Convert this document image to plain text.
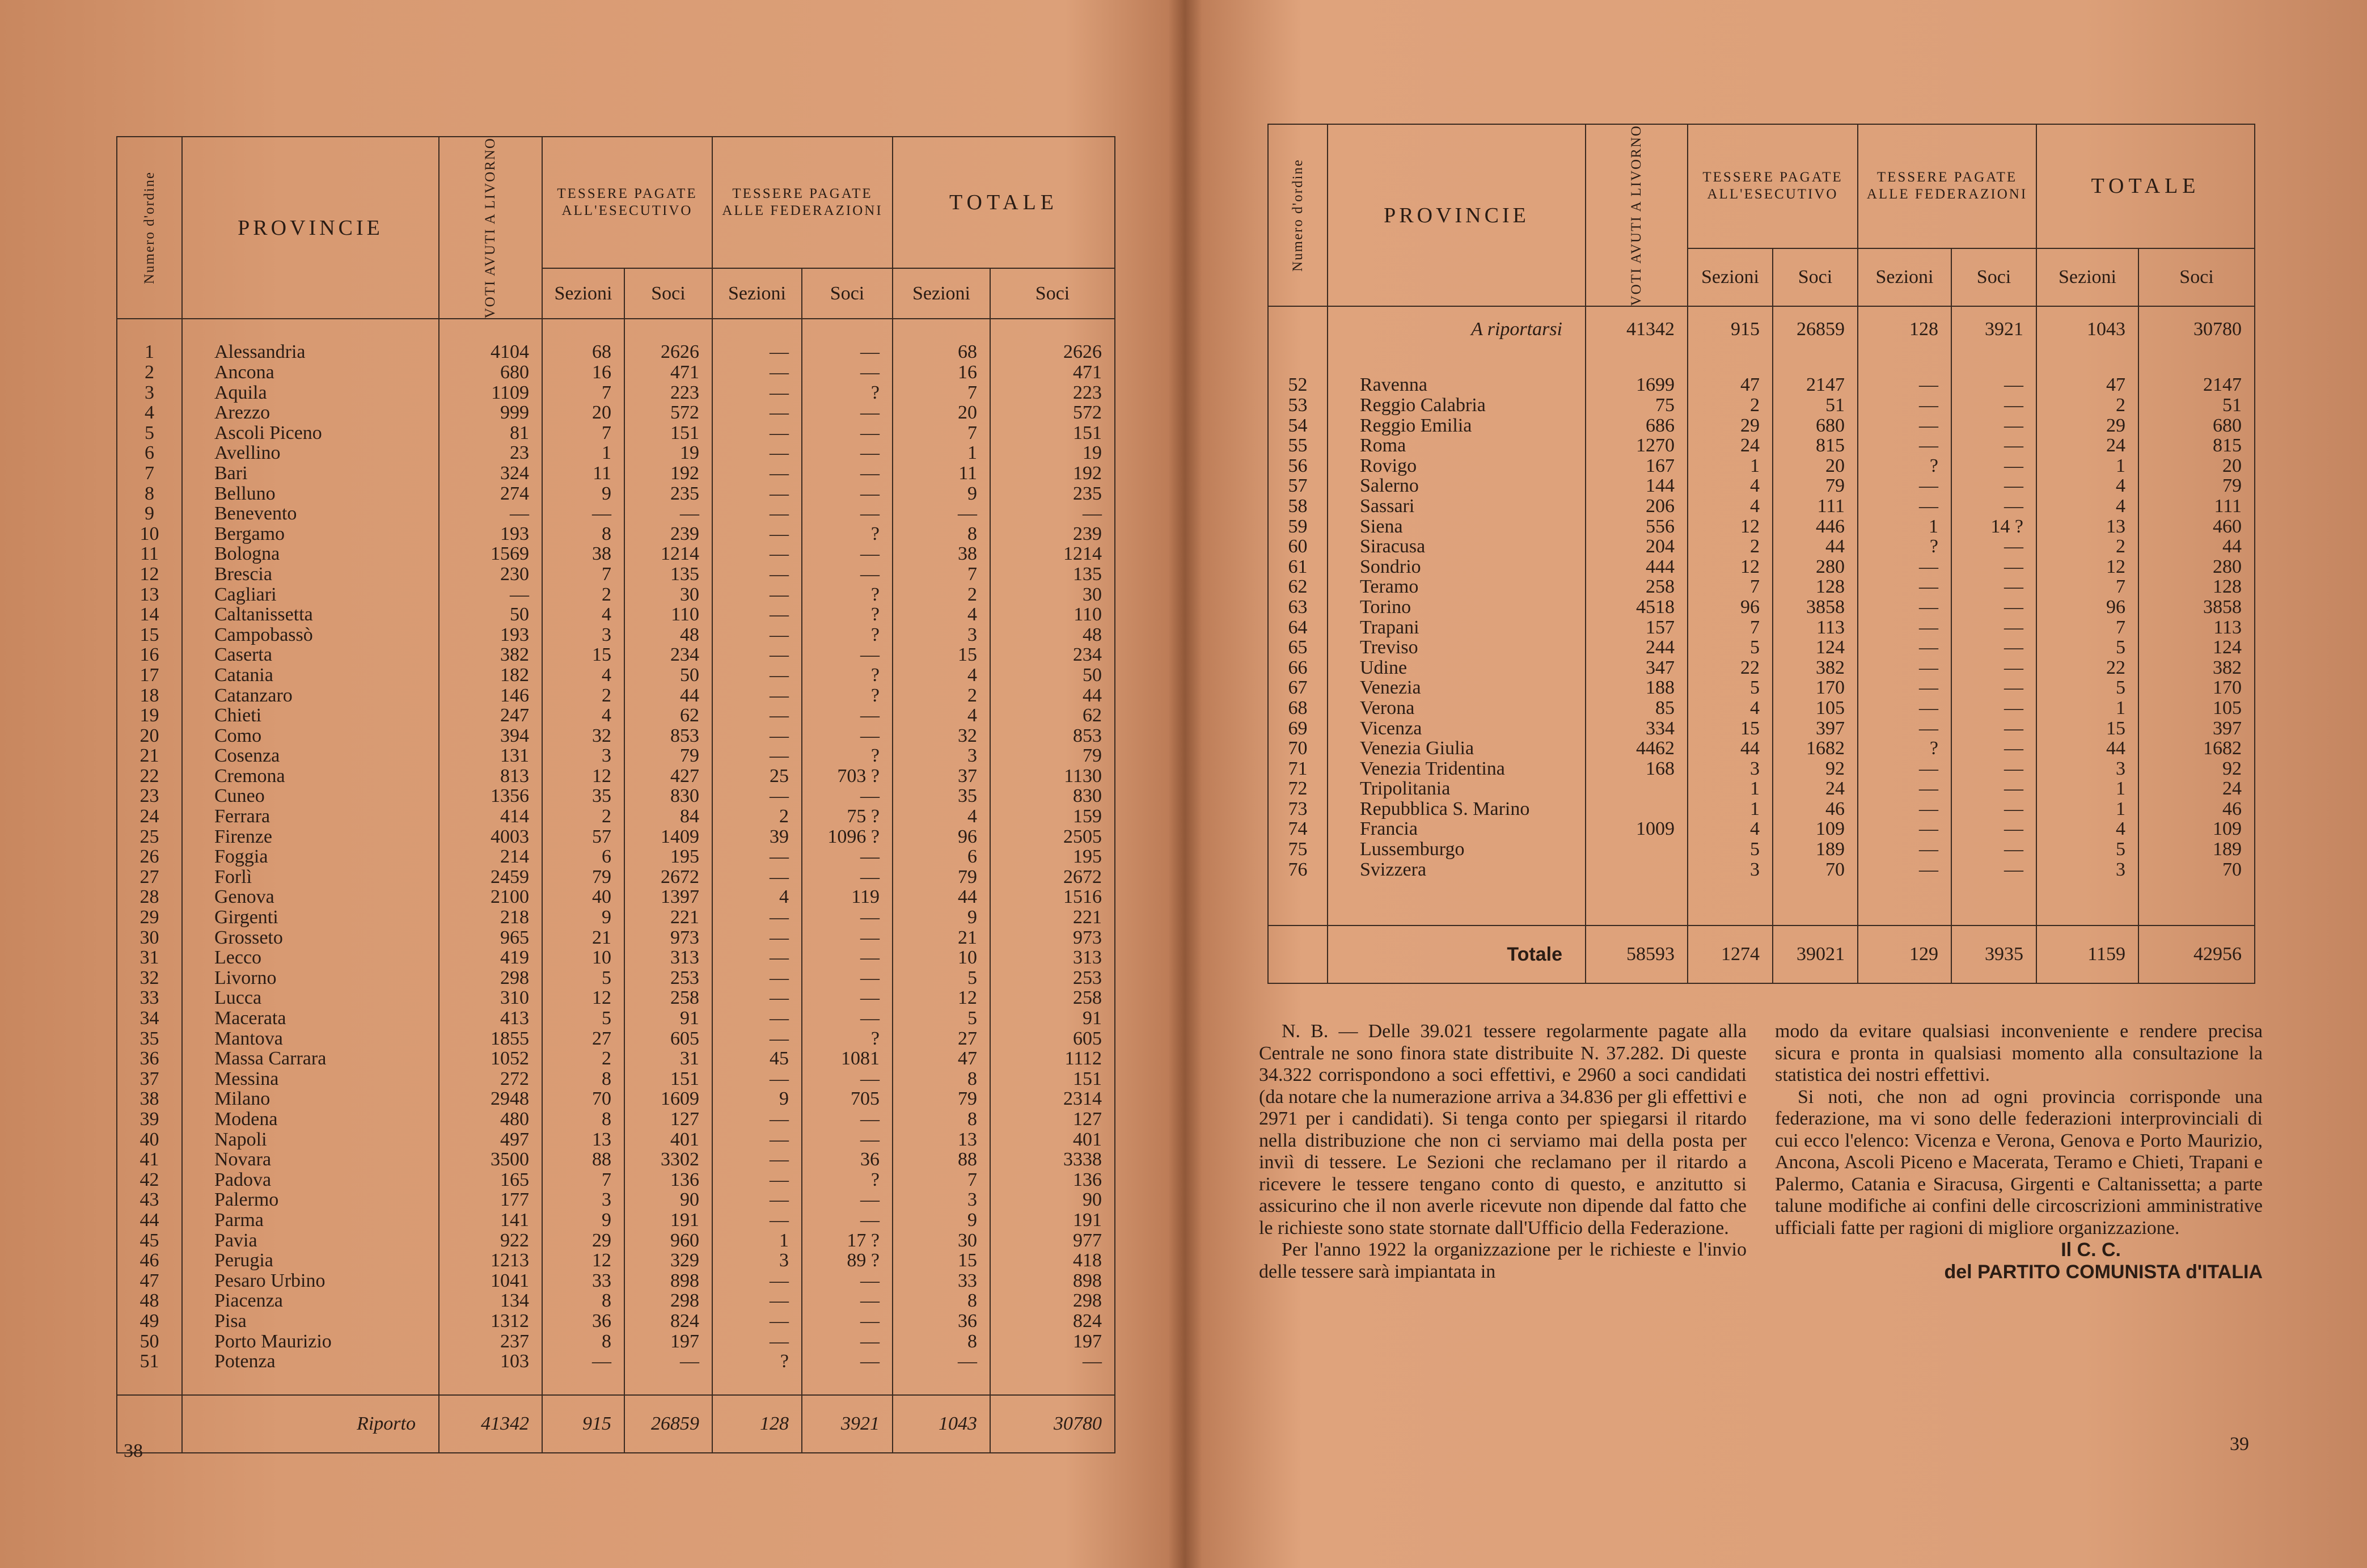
Numero d'ordine	PROVINCIE	VOTI AVUTI A LIVORNO	TESSERE PAGATE ALL'ESECUTIVO		TESSERE PAGATE ALLE FEDERAZIONI		TOTALE	
			Sezioni	Soci	Sezioni	Soci	Sezioni	Soci

1	Alessandria	4104	68	2626	—	—	68	2626
2	Ancona	680	16	471	—	—	16	471
3	Aquila	1109	7	223	—	?	7	223
4	Arezzo	999	20	572	—	—	20	572
5	Ascoli Piceno	81	7	151	—	—	7	151
6	Avellino	23	1	19	—	—	1	19
7	Bari	324	11	192	—	—	11	192
8	Belluno	274	9	235	—	—	9	235
9	Benevento	—	—	—	—	—	—	—
10	Bergamo	193	8	239	—	?	8	239
11	Bologna	1569	38	1214	—	—	38	1214
12	Brescia	230	7	135	—	—	7	135
13	Cagliari	—	2	30	—	?	2	30
14	Caltanissetta	50	4	110	—	?	4	110
15	Campobassò	193	3	48	—	?	3	48
16	Caserta	382	15	234	—	—	15	234
17	Catania	182	4	50	—	?	4	50
18	Catanzaro	146	2	44	—	?	2	44
19	Chieti	247	4	62	—	—	4	62
20	Como	394	32	853	—	—	32	853
21	Cosenza	131	3	79	—	?	3	79
22	Cremona	813	12	427	25	703 ?	37	1130
23	Cuneo	1356	35	830	—	—	35	830
24	Ferrara	414	2	84	2	75 ?	4	159
25	Firenze	4003	57	1409	39	1096 ?	96	2505
26	Foggia	214	6	195	—	—	6	195
27	Forlì	2459	79	2672	—	—	79	2672
28	Genova	2100	40	1397	4	119	44	1516
29	Girgenti	218	9	221	—	—	9	221
30	Grosseto	965	21	973	—	—	21	973
31	Lecco	419	10	313	—	—	10	313
32	Livorno	298	5	253	—	—	5	253
33	Lucca	310	12	258	—	—	12	258
34	Macerata	413	5	91	—	—	5	91
35	Mantova	1855	27	605	—	?	27	605
36	Massa Carrara	1052	2	31	45	1081	47	1112
37	Messina	272	8	151	—	—	8	151
38	Milano	2948	70	1609	9	705	79	2314
39	Modena	480	8	127	—	—	8	127
40	Napoli	497	13	401	—	—	13	401
41	Novara	3500	88	3302	—	36	88	3338
42	Padova	165	7	136	—	?	7	136
43	Palermo	177	3	90	—	—	3	90
44	Parma	141	9	191	—	—	9	191
45	Pavia	922	29	960	1	17 ?	30	977
46	Perugia	1213	12	329	3	89 ?	15	418
47	Pesaro Urbino	1041	33	898	—	—	33	898
48	Piacenza	134	8	298	—	—	8	298
49	Pisa	1312	36	824	—	—	36	824
50	Porto Maurizio	237	8	197	—	—	8	197
51	Potenza	103	—	—	?	—	—	—

	Riporto	41342	915	26859	128	3921	1043	30780
38
Numero d'ordine	PROVINCIE	VOTI AVUTI A LIVORNO	TESSERE PAGATE ALL'ESECUTIVO		TESSERE PAGATE ALLE FEDERAZIONI		TOTALE	
			Sezioni	Soci	Sezioni	Soci	Sezioni	Soci
	A riportarsi	41342	915	26859	128	3921	1043	30780

52	Ravenna	1699	47	2147	—	—	47	2147
53	Reggio Calabria	75	2	51	—	—	2	51
54	Reggio Emilia	686	29	680	—	—	29	680
55	Roma	1270	24	815	—	—	24	815
56	Rovigo	167	1	20	?	—	1	20
57	Salerno	144	4	79	—	—	4	79
58	Sassari	206	4	111	—	—	4	111
59	Siena	556	12	446	1	14 ?	13	460
60	Siracusa	204	2	44	?	—	2	44
61	Sondrio	444	12	280	—	—	12	280
62	Teramo	258	7	128	—	—	7	128
63	Torino	4518	96	3858	—	—	96	3858
64	Trapani	157	7	113	—	—	7	113
65	Treviso	244	5	124	—	—	5	124
66	Udine	347	22	382	—	—	22	382
67	Venezia	188	5	170	—	—	5	170
68	Verona	85	4	105	—	—	1	105
69	Vicenza	334	15	397	—	—	15	397
70	Venezia Giulia	4462	44	1682	?	—	44	1682
71	Venezia Tridentina	168	3	92	—	—	3	92
72	Tripolitania		1	24	—	—	1	24
73	Repubblica S. Marino		1	46	—	—	1	46
74	Francia	1009	4	109	—	—	4	109
75	Lussemburgo		5	189	—	—	5	189
76	Svizzera		3	70	—	—	3	70

	Totale	58593	1274	39021	129	3935	1159	42956

N. B. — Delle 39.021 tessere regolarmente pagate alla Centrale ne sono finora state distribuite N. 37.282. Di queste 34.322 corrispondono a soci effettivi, e 2960 a soci candidati (da notare che la numerazione arriva a 34.836 per gli effettivi e 2971 per i candidati). Si tenga conto per spiegarsi il ritardo nella distribuzione che non ci serviamo mai della posta per inviì di tessere. Le Sezioni che reclamano per il ritardo a ricevere le tessere tengano conto di questo, e anzitutto si assicurino che il non averle ricevute non dipende dal fatto che le richieste sono state stornate dall'Ufficio della Federazione.

Per l'anno 1922 la organizzazione per le richieste e l'invio delle tessere sarà impiantata in

modo da evitare qualsiasi inconveniente e rendere precisa sicura e pronta in qualsiasi momento alla consultazione la statistica dei nostri effettivi.

Si noti, che non ad ogni provincia corrisponde una federazione, ma vi sono delle federazioni interprovinciali di cui ecco l'elenco: Vicenza e Verona, Genova e Porto Maurizio, Ancona, Ascoli Piceno e Macerata, Teramo e Chieti, Trapani e Palermo, Catania e Siracusa, Girgenti e Caltanissetta; a parte talune modifiche ai confini delle circoscrizioni amministrative ufficiali fatte per ragioni di migliore organizzazione.

Il C. C.
del PARTITO COMUNISTA d'ITALIA
39
